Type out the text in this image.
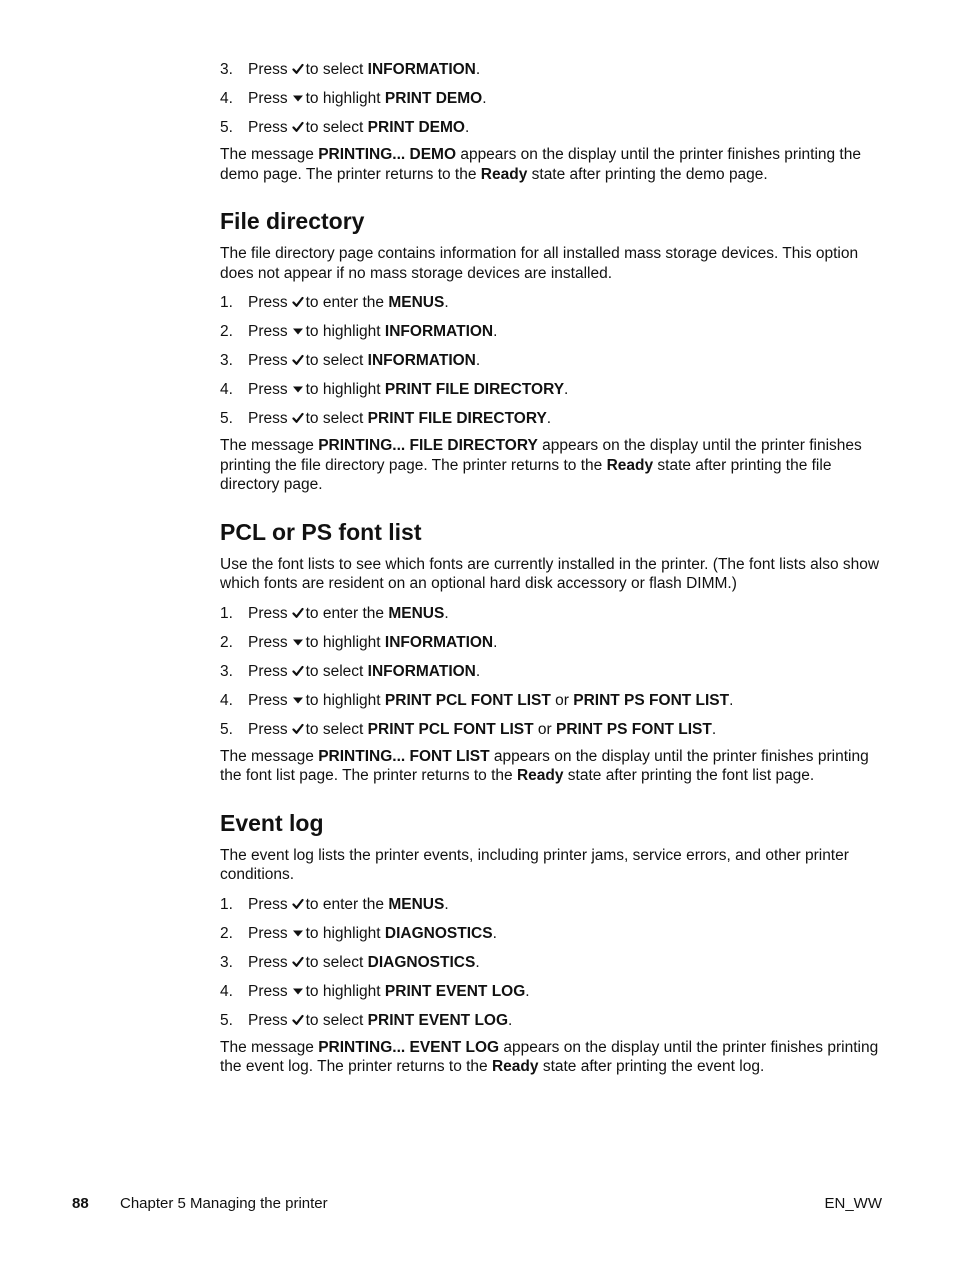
3. Press to select INFORMATION.
4. Press to highlight PRINT DEMO.
5. Press to select PRINT DEMO.

The message PRINTING... DEMO appears on the display until the printer finishes printing the demo page. The printer returns to the Ready state after printing the demo page.

File directory

The file directory page contains information for all installed mass storage devices. This option does not appear if no mass storage devices are installed.

1. Press to enter the MENUS.
2. Press to highlight INFORMATION.
3. Press to select INFORMATION.
4. Press to highlight PRINT FILE DIRECTORY.
5. Press to select PRINT FILE DIRECTORY.

The message PRINTING... FILE DIRECTORY appears on the display until the printer finishes printing the file directory page. The printer returns to the Ready state after printing the file directory page.

PCL or PS font list

Use the font lists to see which fonts are currently installed in the printer. (The font lists also show which fonts are resident on an optional hard disk accessory or flash DIMM.)

1. Press to enter the MENUS.
2. Press to highlight INFORMATION.
3. Press to select INFORMATION.
4. Press to highlight PRINT PCL FONT LIST or PRINT PS FONT LIST.
5. Press to select PRINT PCL FONT LIST or PRINT PS FONT LIST.

The message PRINTING... FONT LIST appears on the display until the printer finishes printing the font list page. The printer returns to the Ready state after printing the font list page.

Event log

The event log lists the printer events, including printer jams, service errors, and other printer conditions.

1. Press to enter the MENUS.
2. Press to highlight DIAGNOSTICS.
3. Press to select DIAGNOSTICS.
4. Press to highlight PRINT EVENT LOG.
5. Press to select PRINT EVENT LOG.

The message PRINTING... EVENT LOG appears on the display until the printer finishes printing the event log. The printer returns to the Ready state after printing the event log.

88 Chapter 5 Managing the printer	EN_WW
